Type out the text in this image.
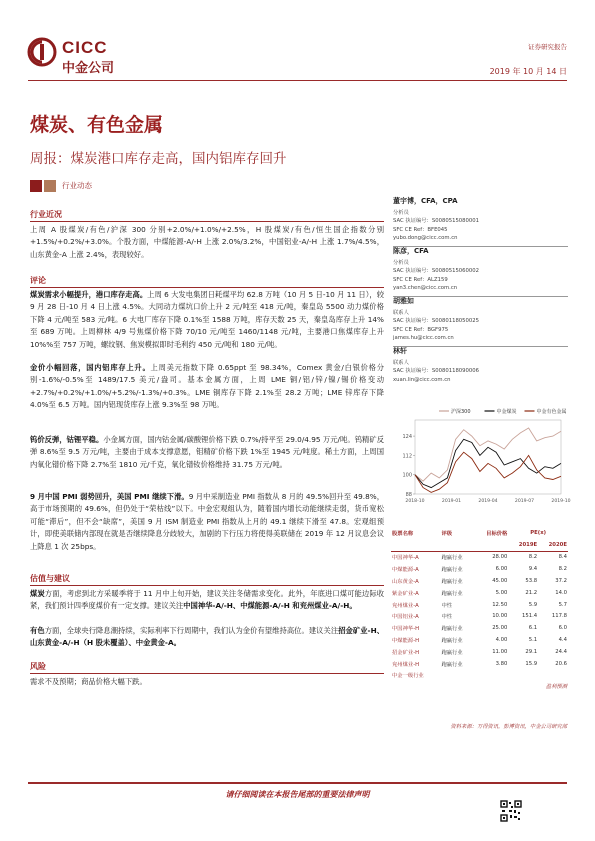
CICC
中金公司
证券研究报告
2019 年 10 月 14 日
煤炭、有色金属
周报：煤炭港口库存走高，国内铝库存回升
行业动态
行业近况
上周 A 股煤炭/有色/沪深 300 分别+2.0%/+1.0%/+2.5%，H 股煤炭/有色/恒生国企指数分别+1.5%/+0.2%/+3.0%。个股方面，中煤能源-A/-H 上涨 2.0%/3.2%，中国铝业-A/-H 上涨 1.7%/4.5%，山东黄金-A 上涨 2.4%，表现较好。
评论
煤炭需求小幅提升，港口库存走高。上周 6 大发电集团日耗煤平均 62.8 万吨（10 月 5 日-10 月 11 日），较 9 月 28 日-10 月 4 日上涨 4.5%。大同动力煤坑口价上升 2 元/吨至 418 元/吨，秦皇岛 5500 动力煤价格下降 4 元/吨至 583 元/吨。6 大电厂库存下降 0.1%至 1588 万吨，库存天数 25 天，秦皇岛库存上升 14%至 689 万吨。上周柳林 4/9 号焦煤价格下降 70/10 元/吨至 1460/1148 元/吨，主要港口焦煤库存上升 10%%至 757 万吨，螺纹钢、焦炭模拟即时毛利约 450 元/吨和 180 元/吨。
金价小幅回落，国内铝库存上升。上周美元指数下降 0.65ppt 至 98.34%，Comex 黄金/白银价格分别-1.6%/-0.5%至 1489/17.5 美元/盎司。基本金属方面，上周 LME 铜/铝/锌/镍/锡价格变动+2.7%/+0.2%/+1.0%/+5.2%/-1.3%/+0.3%。LME 铜库存下降 2.1%至 28.2 万吨；LME 锌库存下降 4.0%至 6.5 万吨。国内铝现货库存上涨 9.3%至 98 万吨。
钨价反弹，钴锂平稳。小金属方面，国内钴金属/碳酸锂价格下跌 0.7%/持平至 29.0/4.95 万元/吨。钨精矿反弹 8.6%至 9.5 万元/吨，主要由于成本支撑意愿，钼精矿价格下跌 1%至 1945 元/吨度。稀土方面，上周国内氧化镨价格下降 2.7%至 1810 元/千克，氧化镨钕价格维持 31.75 万元/吨。
9 月中国 PMI 弱势回升，美国 PMI 继续下滑。9 月中采制造业 PMI 指数从 8 月的 49.5%回升至 49.8%，高于市场预期的 49.6%，但仍处于“荣枯线”以下。中金宏观组认为，随着国内增长动能继续走弱，货币宽松可能“滞后”，但不会“缺席”，美国 9 月 ISM 制造业 PMI 指数从上月的 49.1 继续下滑至 47.8。宏观组预计，即使美联储内部现在就是否继续降息分歧较大，加剧的下行压力将使得美联储在 2019 年 12 月议息会议上降息 1 次 25bps。
估值与建议
煤炭方面，考虑到北方采暖季将于 11 月中上旬开始，建议关注冬储需求变化。此外，年底进口煤可能边际收紧，我们预计四季度煤价有一定支撑。建议关注中国神华-A/-H、中煤能源-A/-H 和兖州煤业-A/-H。
有色方面，全球央行降息潮持续，实际利率下行周期中，我们认为金价有望维持高位。建议关注招金矿业-H、山东黄金-A/-H（H 股未覆盖）、中金黄金-A。
风险
需求不及预期；商品价格大幅下跌。
董宇博，CFA，CPA
分析员
SAC 执证编号：S0080515080001
SFC CE Ref：BFE045
yubo.dong@cicc.com.cn
陈彦，CFA
分析员
SAC 执证编号：S0080515060002
SFC CE Ref：ALZ159
yan3.chen@cicc.com.cn
胡雅如
联系人
SAC 执证编号：S0080118050025
SFC CE Ref：BGF975
james.hu@cicc.com.cn
林轩
联系人
SAC 执证编号：S0080118090006
xuan.lin@cicc.com.cn
沪深300	中金煤炭	中金有色金属
88
100
112
124
2018-10	2019-01	2019-04	2019-07	2019-10
股票名称	评级	目标价格	PE(x)	
			2019E	2020E
中国神华-A	跑赢行业	28.00	8.2	8.4
中煤能源-A	跑赢行业	6.00	9.4	8.2
山东黄金-A	跑赢行业	45.00	53.8	37.2
紫金矿业-A	跑赢行业	5.00	21.2	14.0
兖州煤业-A	中性	12.50	5.9	5.7
中国铝业-A	中性	10.00	151.4	117.8
中国神华-H	跑赢行业	25.00	6.1	6.0
中煤能源-H	跑赢行业	4.00	5.1	4.4
招金矿业-H	跑赢行业	11.00	29.1	24.4
兖州煤业-H	跑赢行业	3.80	15.9	20.6
中金一级行业				
盈利预测
资料来源：万得资讯，彭博资讯，中金公司研究部
请仔细阅读在本报告尾部的重要法律声明
